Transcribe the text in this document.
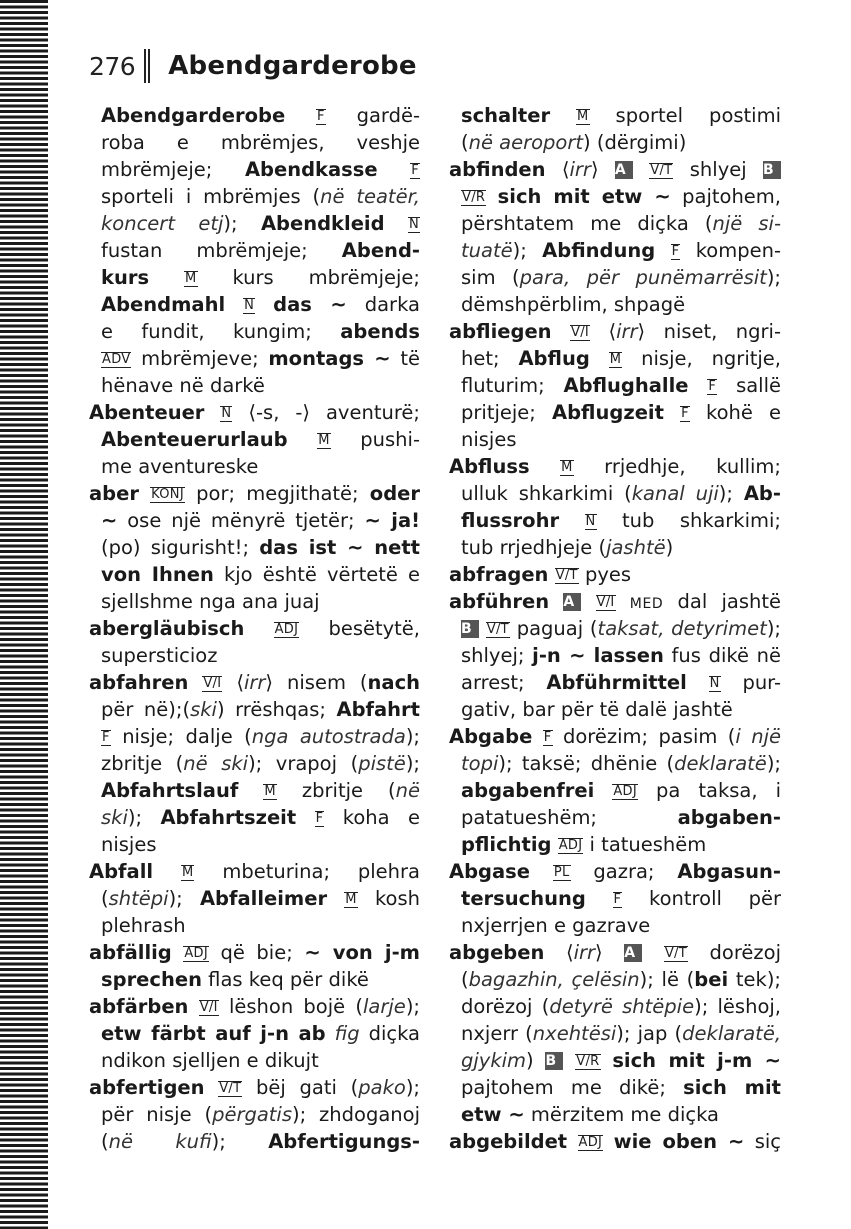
276 Abendgarderobe
Abendgarderobe F gardë-
roba e mbrëmjes, veshje
mbrëmjeje; Abendkasse	F
sporteli i mbrëmjes (në teatër,
koncert etj); Abendkleid N
fustan mbrëmjeje; Abend-
kurs	M kurs mbrëmjeje;
Abendmahl N das ~ darka
e fundit, kungim; abends
ADV mbrëmjeve; montags ~ të
hënave në darkë
Abenteuer N ⟨-s, -⟩ aventurë;
Abenteuerurlaub M pushi-
me aventureske
aber KONJ por; megjithatë; oder
~ ose një mënyrë tjetër; ~ ja!
(po) sigurisht!; das ist ~ nett
von Ihnen kjo është vërtetë e
sjellshme nga ana juaj
abergläubisch ADJ besëtytë,
supersticioz
abfahren V/I ⟨irr⟩ nisem (nach
për në);(ski) rrëshqas; Abfahrt
F nisje; dalje (nga autostrada);
zbritje (në ski); vrapoj (pistë);
Abfahrtslauf M zbritje (në
ski); Abfahrtszeit F koha e
nisjes
Abfall M mbeturina; plehra
(shtëpi); Abfalleimer M kosh
plehrash
abfällig ADJ që bie; ~ von j-m
sprechen flas keq për dikë
abfärben V/I lëshon bojë (larje);
etw färbt auf j-n ab fig diçka
ndikon sjelljen e dikujt
abfertigen V/T bëj gati (pako);
për nisje (përgatis); zhdoganoj
(në kufi); Abfertigungs-
schalter M sportel postimi
(në aeroport) (dërgimi)
abfinden ⟨irr⟩ A V/T shlyej B
V/R sich mit etw ~ pajtohem,
përshtatem me diçka (një si-
tuatë); Abfindung F kompen-
sim (para, për punëmarrësit);
dëmshpërblim, shpagë
abfliegen V/I ⟨irr⟩ niset, ngri-
het; Abflug M nisje, ngritje,
fluturim; Abflughalle F sallë
pritjeje; Abflugzeit F kohë e
nisjes
Abfluss M rrjedhje, kullim;
ulluk shkarkimi (kanal uji); Ab-
flussrohr N tub shkarkimi;
tub rrjedhjeje (jashtë)
abfragen V/T pyes
abführen A V/I MED dal jashtë
B V/T paguaj (taksat, detyrimet);
shlyej; j-n ~ lassen fus dikë në
arrest; Abführmittel N pur-
gativ, bar për të dalë jashtë
Abgabe F dorëzim; pasim (i një
topi); taksë; dhënie (deklaratë);
abgabenfrei ADJ pa taksa, i
patatueshëm; abgaben-
pflichtig ADJ i tatueshëm
Abgase PL gazra; Abgasun-
tersuchung F kontroll për
nxjerrjen e gazrave
abgeben ⟨irr⟩ A V/T dorëzoj
(bagazhin, çelësin); lë (bei tek);
dorëzoj (detyrë shtëpie); lëshoj,
nxjerr (nxehtësi); jap (deklaratë,
gjykim) B V/R sich mit j-m ~
pajtohem me dikë; sich mit
etw ~ mërzitem me diçka
abgebildet ADJ wie oben ~ siç
